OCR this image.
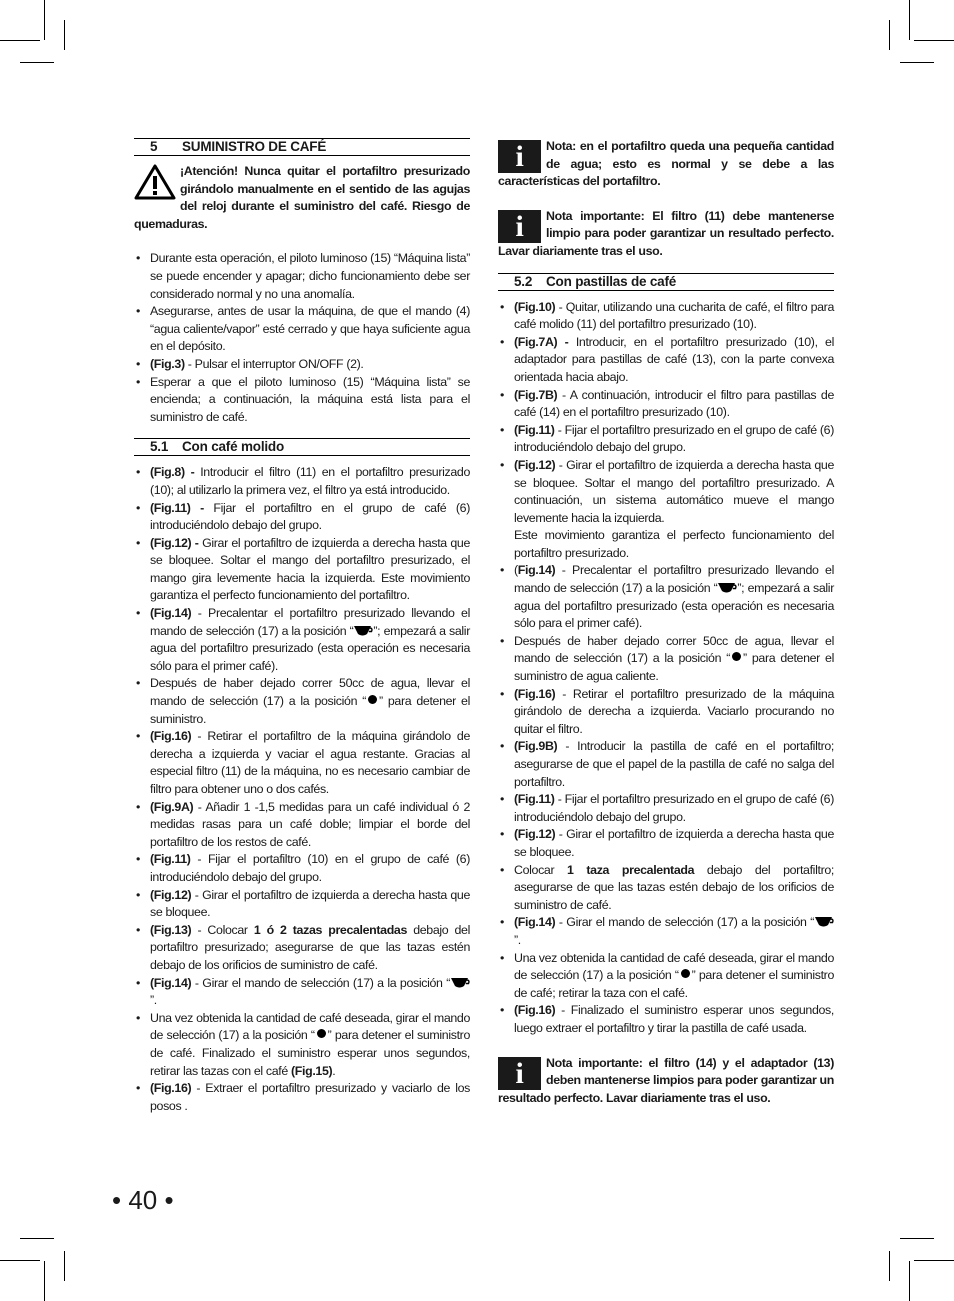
5 SUMINISTRO DE CAFÉ
¡Atención! Nunca quitar el portafiltro presurizado girándolo manualmente en el sentido de las agujas del reloj durante el suministro del café. Riesgo de quemaduras.
• Durante esta operación, el piloto luminoso (15) “Máquina lista” se puede encender y apagar; dicho funcionamiento debe ser considerado normal y no una anomalía.
• Asegurarse, antes de usar la máquina, de que el mando (4) “agua caliente/vapor” esté cerrado y que haya suficiente agua en el depósito.
• (Fig.3) - Pulsar el interruptor ON/OFF (2).
• Esperar a que el piloto luminoso (15) “Máquina lista” se encienda; a continuación, la máquina está lista para el suministro de café.
5.1 Con café molido
• (Fig.8) - Introducir el filtro (11) en el portafiltro presurizado (10); al utilizarlo la primera vez, el filtro ya está introducido.
• (Fig.11) - Fijar el portafiltro en el grupo de café (6) introduciéndolo debajo del grupo.
• (Fig.12) - Girar el portafiltro de izquierda a derecha hasta que se bloquee. Soltar el mango del portafiltro presurizado, el mango gira levemente hacia la izquierda. Este movimiento garantiza el perfecto funcionamiento del portafiltro.
• (Fig.14) - Precalentar el portafiltro presurizado llevando el mando de selección (17) a la posición “ ”; empezará a salir agua del portafiltro presurizado (esta operación es necesaria sólo para el primer café).
• Después de haber dejado correr 50cc de agua, llevar el mando de selección (17) a la posición “ ” para detener el suministro.
• (Fig.16) - Retirar el portafiltro de la máquina girándolo de derecha a izquierda y vaciar el agua restante. Gracias al especial filtro (11) de la máquina, no es necesario cambiar de filtro para obtener uno o dos cafés.
• (Fig.9A) - Añadir 1 -1,5 medidas para un café individual ó 2 medidas rasas para un café doble; limpiar el borde del portafiltro de los restos de café.
• (Fig.11) - Fijar el portafiltro (10) en el grupo de café (6) introduciéndolo debajo del grupo.
• (Fig.12) - Girar el portafiltro de izquierda a derecha hasta que se bloquee.
• (Fig.13) - Colocar 1 ó 2 tazas precalentadas debajo del portafiltro presurizado; asegurarse de que las tazas estén debajo de los orificios de suministro de café.
• (Fig.14) - Girar el mando de selección (17) a la posición “”.
• Una vez obtenida la cantidad de café deseada, girar el mando de selección (17) a la posición “ ” para detener el suministro de café. Finalizado el suministro esperar unos segundos, retirar las tazas con el café (Fig.15).
• (Fig.16) - Extraer el portafiltro presurizado y vaciarlo de los posos .
i	Nota: en el portafiltro queda una pequeña cantidad de agua; esto es normal y se debe a las características del portafiltro.
i	Nota importante: El filtro (11) debe mantenerse limpio para poder garantizar un resultado perfecto. Lavar diariamente tras el uso.
5.2 Con pastillas de café
• (Fig.10) - Quitar, utilizando una cucharita de café, el filtro para café molido (11) del portafiltro presurizado (10).
• (Fig.7A) - Introducir, en el portafiltro presurizado (10), el adaptador para pastillas de café (13), con la parte convexa orientada hacia abajo.
• (Fig.7B) - A continuación, introducir el filtro para pastillas de café (14) en el portafiltro presurizado (10).
• (Fig.11) - Fijar el portafiltro presurizado en el grupo de café (6) introduciéndolo debajo del grupo.
• (Fig.12) - Girar el portafiltro de izquierda a derecha hasta que se bloquee. Soltar el mango del portafiltro presurizado. A continuación, un sistema automático mueve el mango levemente hacia la izquierda.
Este movimiento garantiza el perfecto funcionamiento del portafiltro presurizado.
• (Fig.14) - Precalentar el portafiltro presurizado llevando el mando de selección (17) a la posición “ ”; empezará a salir agua del portafiltro presurizado (esta operación es necesaria sólo para el primer café).
• Después de haber dejado correr 50cc de agua, llevar el mando de selección (17) a la posición “ ” para detener el suministro de agua caliente.
• (Fig.16) - Retirar el portafiltro presurizado de la máquina girándolo de derecha a izquierda. Vaciarlo procurando no quitar el filtro.
• (Fig.9B) - Introducir la pastilla de café en el portafiltro; asegurarse de que el papel de la pastilla de café no salga del portafiltro.
• (Fig.11) - Fijar el portafiltro presurizado en el grupo de café (6) introduciéndolo debajo del grupo.
• (Fig.12) - Girar el portafiltro de izquierda a derecha hasta que se bloquee.
• Colocar 1 taza precalentada debajo del portafiltro; asegurarse de que las tazas estén debajo de los orificios de suministro de café.
• (Fig.14) - Girar el mando de selección (17) a la posición “”.
• Una vez obtenida la cantidad de café deseada, girar el mando de selección (17) a la posición “ ” para detener el suministro de café; retirar la taza con el café.
• (Fig.16) - Finalizado el suministro esperar unos segundos, luego extraer el portafiltro y tirar la pastilla de café usada.
i	Nota importante: el filtro (14) y el adaptador (13) deben mantenerse limpios para poder garantizar un resultado perfecto. Lavar diariamente tras el uso.
• 40 •
